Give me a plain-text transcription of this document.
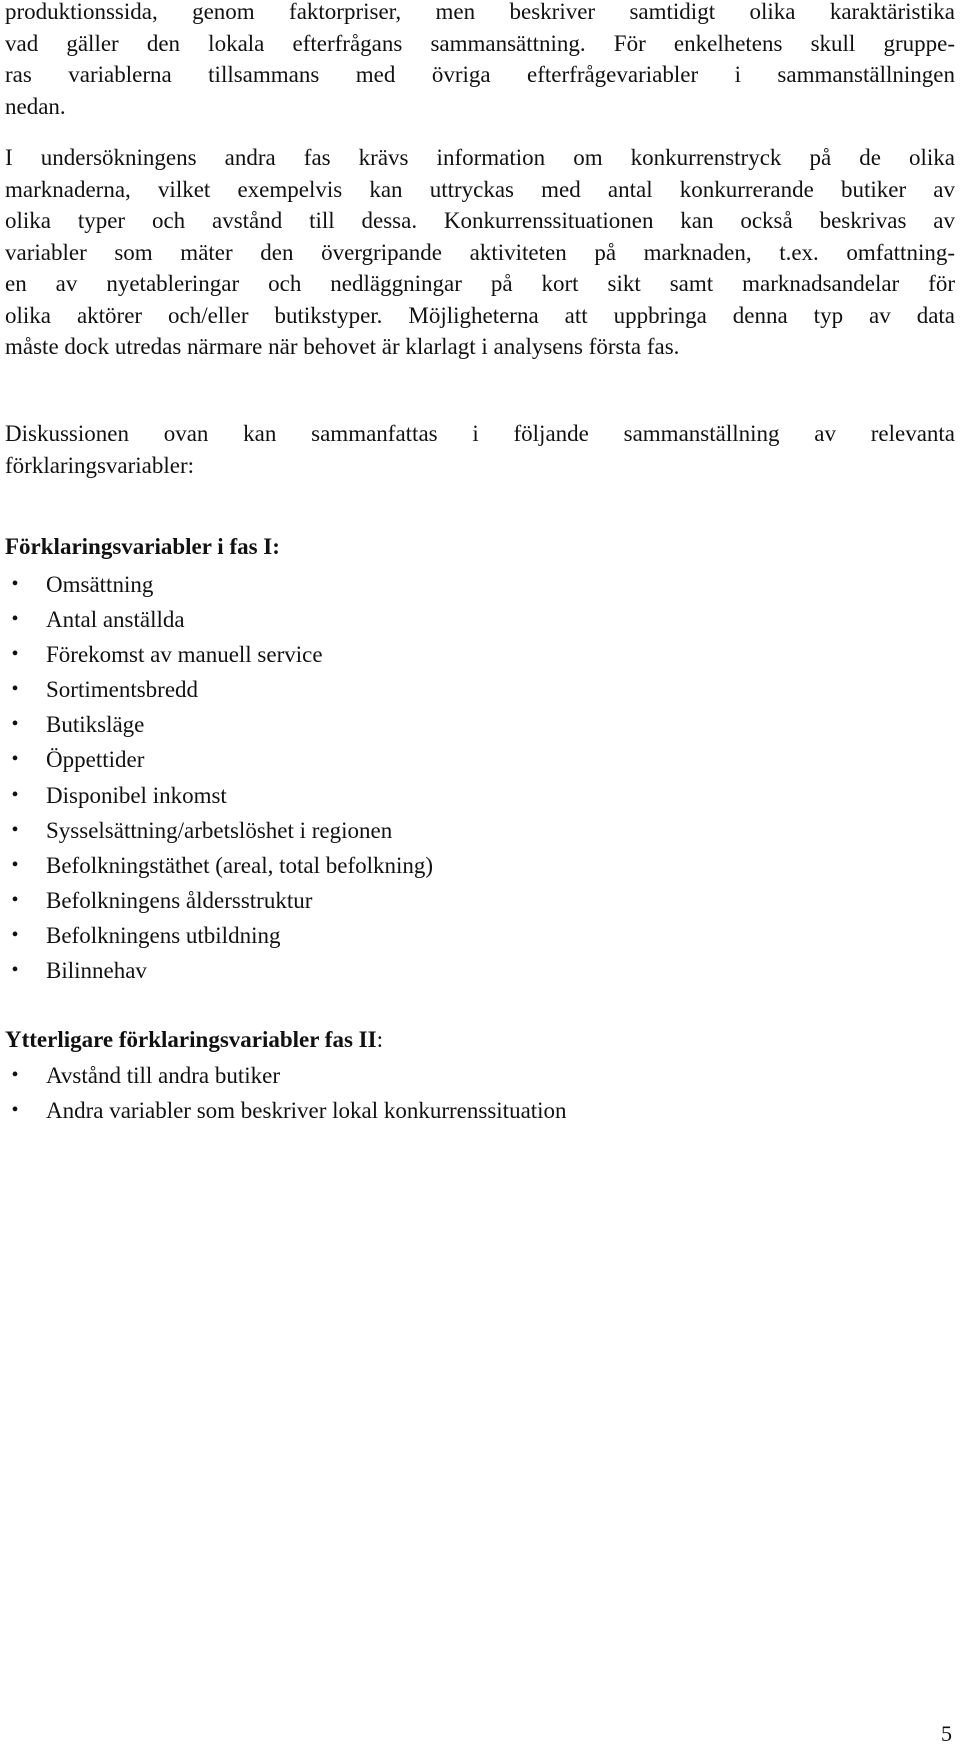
produktionssida, genom faktorpriser, men beskriver samtidigt olika karaktäristika
vad gäller den lokala efterfrågans sammansättning. För enkelhetens skull gruppe-
ras variablerna tillsammans med övriga efterfrågevariabler i sammanställningen
nedan.
I undersökningens andra fas krävs information om konkurrenstryck på de olika
marknaderna, vilket exempelvis kan uttryckas med antal konkurrerande butiker av
olika typer och avstånd till dessa. Konkurrenssituationen kan också beskrivas av
variabler som mäter den övergripande aktiviteten på marknaden, t.ex. omfattning-
en av nyetableringar och nedläggningar på kort sikt samt marknadsandelar för
olika aktörer och/eller butikstyper. Möjligheterna att uppbringa denna typ av data
måste dock utredas närmare när behovet är klarlagt i analysens första fas.
Diskussionen ovan kan sammanfattas i följande sammanställning av relevanta
förklaringsvariabler:
Förklaringsvariabler i fas I:
• Omsättning
• Antal anställda
• Förekomst av manuell service
• Sortimentsbredd
• Butiksläge
• Öppettider
• Disponibel inkomst
• Sysselsättning/arbetslöshet i regionen
• Befolkningstäthet (areal, total befolkning)
• Befolkningens åldersstruktur
• Befolkningens utbildning
• Bilinnehav
Ytterligare förklaringsvariabler fas II:
• Avstånd till andra butiker
• Andra variabler som beskriver lokal konkurrenssituation
5
